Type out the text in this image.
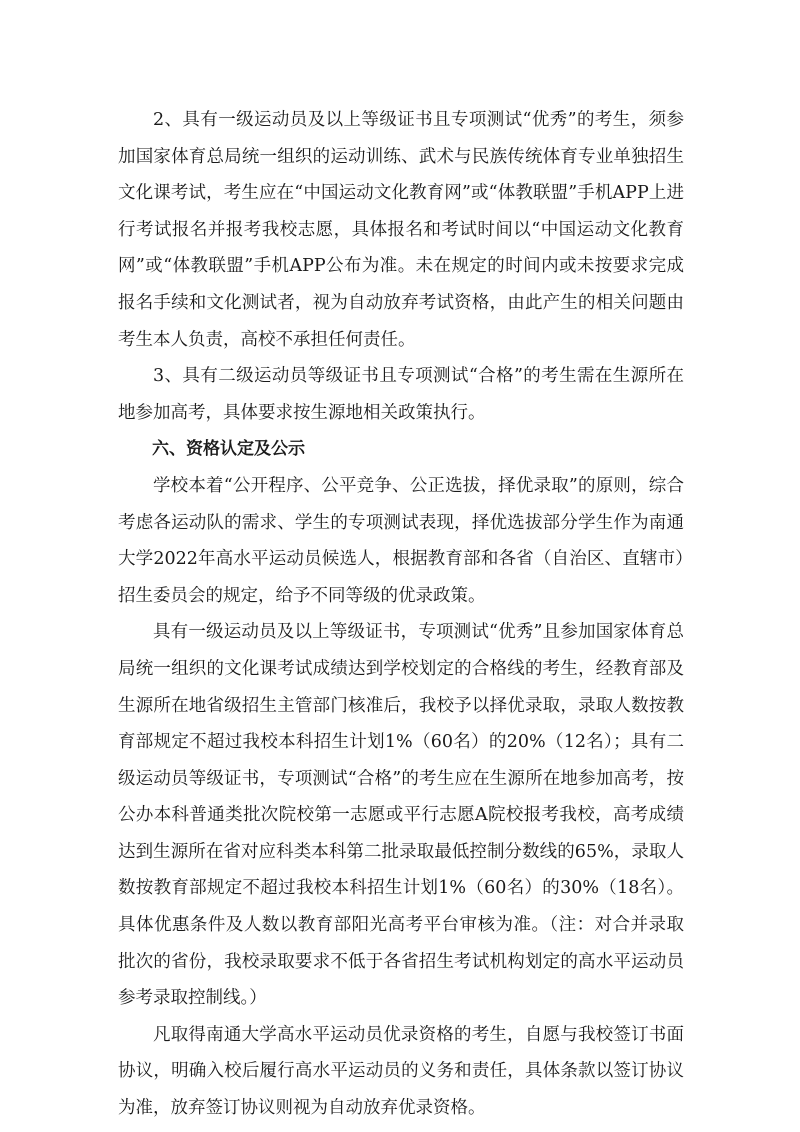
2、具有一级运动员及以上等级证书且专项测试“优秀”的考生，须参加国家体育总局统一组织的运动训练、武术与民族传统体育专业单独招生文化课考试，考生应在“中国运动文化教育网”或“体教联盟”手机APP上进行考试报名并报考我校志愿，具体报名和考试时间以“中国运动文化教育网”或“体教联盟”手机APP公布为准。未在规定的时间内或未按要求完成报名手续和文化测试者，视为自动放弃考试资格，由此产生的相关问题由考生本人负责，高校不承担任何责任。

3、具有二级运动员等级证书且专项测试“合格”的考生需在生源所在地参加高考，具体要求按生源地相关政策执行。

六、资格认定及公示

学校本着“公开程序、公平竞争、公正选拔，择优录取”的原则，综合考虑各运动队的需求、学生的专项测试表现，择优选拔部分学生作为南通大学2022年高水平运动员候选人，根据教育部和各省（自治区、直辖市）招生委员会的规定，给予不同等级的优录政策。

具有一级运动员及以上等级证书，专项测试“优秀”且参加国家体育总局统一组织的文化课考试成绩达到学校划定的合格线的考生，经教育部及生源所在地省级招生主管部门核准后，我校予以择优录取，录取人数按教育部规定不超过我校本科招生计划1%（60名）的20%（12名）；具有二级运动员等级证书，专项测试“合格”的考生应在生源所在地参加高考，按公办本科普通类批次院校第一志愿或平行志愿A院校报考我校，高考成绩达到生源所在省对应科类本科第二批录取最低控制分数线的65%，录取人数按教育部规定不超过我校本科招生计划1%（60名）的30%（18名）。具体优惠条件及人数以教育部阳光高考平台审核为准。（注：对合并录取批次的省份，我校录取要求不低于各省招生考试机构划定的高水平运动员参考录取控制线。）

凡取得南通大学高水平运动员优录资格的考生，自愿与我校签订书面协议，明确入校后履行高水平运动员的义务和责任，具体条款以签订协议为准，放弃签订协议则视为自动放弃优录资格。
